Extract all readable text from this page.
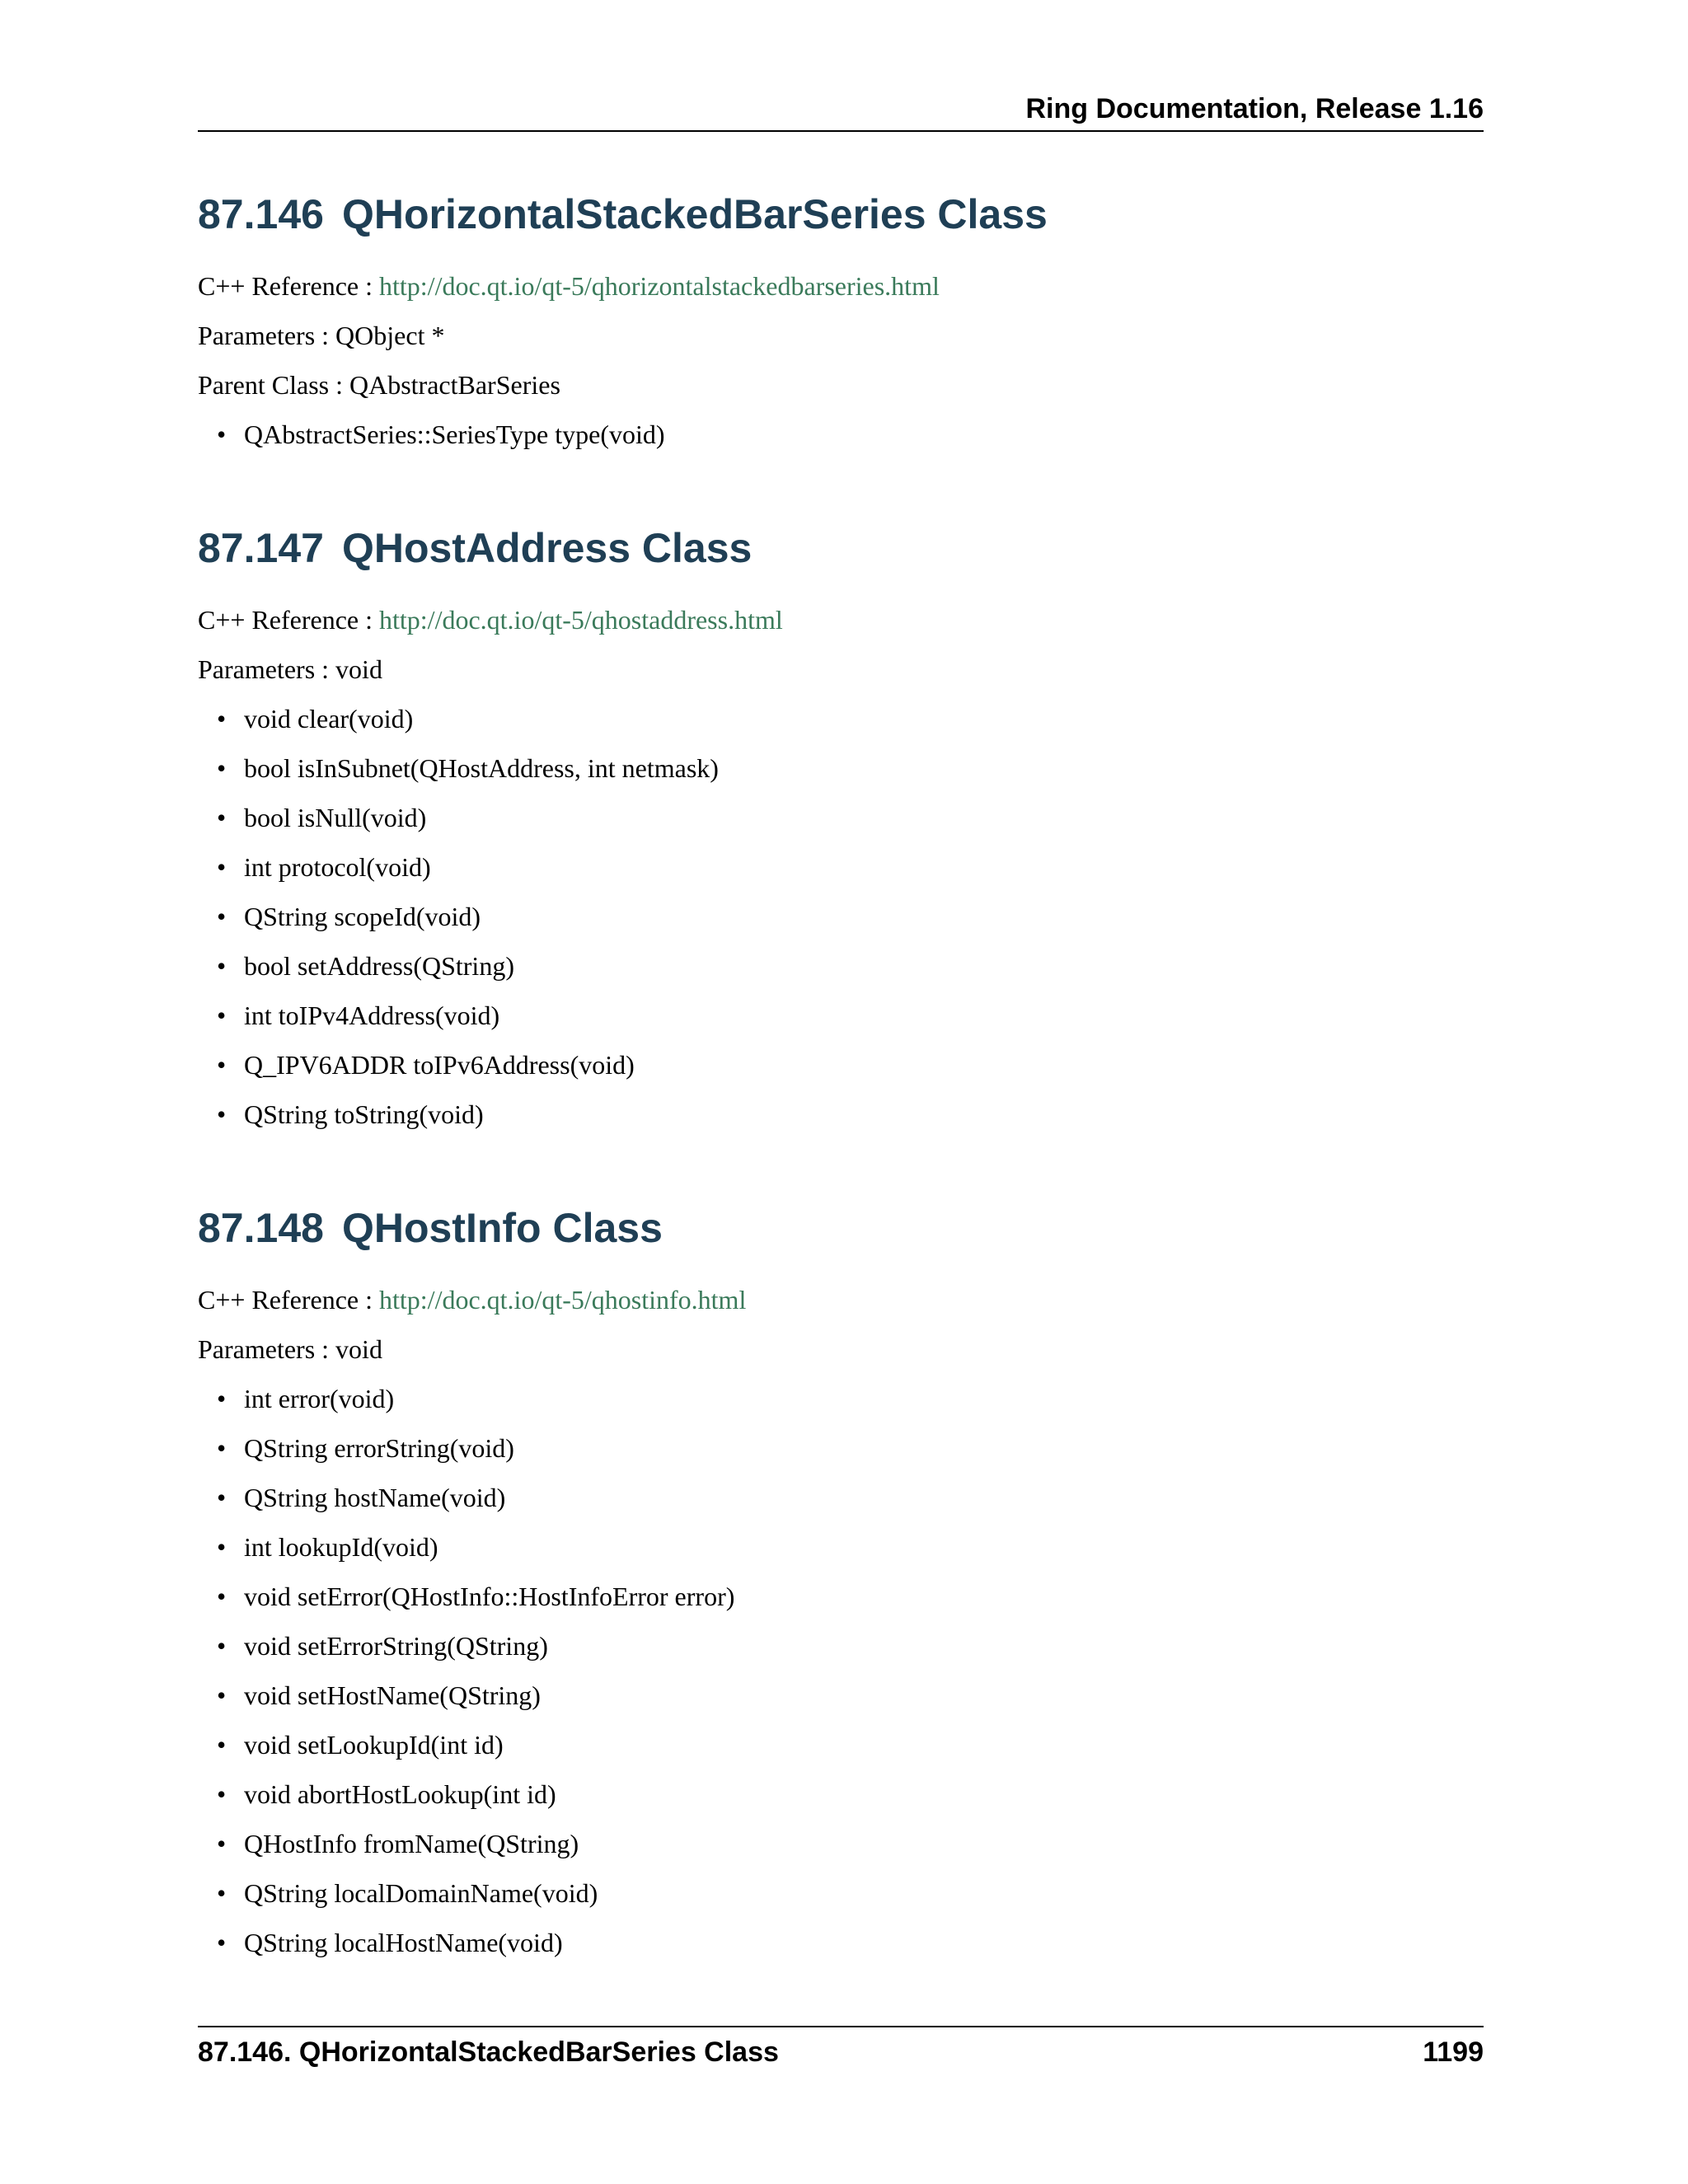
Ring Documentation, Release 1.16
87.146 QHorizontalStackedBarSeries Class

C++ Reference : http://doc.qt.io/qt-5/qhorizontalstackedbarseries.html

Parameters : QObject *

Parent Class : QAbstractBarSeries

• QAbstractSeries::SeriesType type(void)
87.147 QHostAddress Class

C++ Reference : http://doc.qt.io/qt-5/qhostaddress.html

Parameters : void

• void clear(void)
• bool isInSubnet(QHostAddress, int netmask)
• bool isNull(void)
• int protocol(void)
• QString scopeId(void)
• bool setAddress(QString)
• int toIPv4Address(void)
• Q_IPV6ADDR toIPv6Address(void)
• QString toString(void)
87.148 QHostInfo Class

C++ Reference : http://doc.qt.io/qt-5/qhostinfo.html

Parameters : void

• int error(void)
• QString errorString(void)
• QString hostName(void)
• int lookupId(void)
• void setError(QHostInfo::HostInfoError error)
• void setErrorString(QString)
• void setHostName(QString)
• void setLookupId(int id)
• void abortHostLookup(int id)
• QHostInfo fromName(QString)
• QString localDomainName(void)
• QString localHostName(void)
87.146. QHorizontalStackedBarSeries Class	1199
